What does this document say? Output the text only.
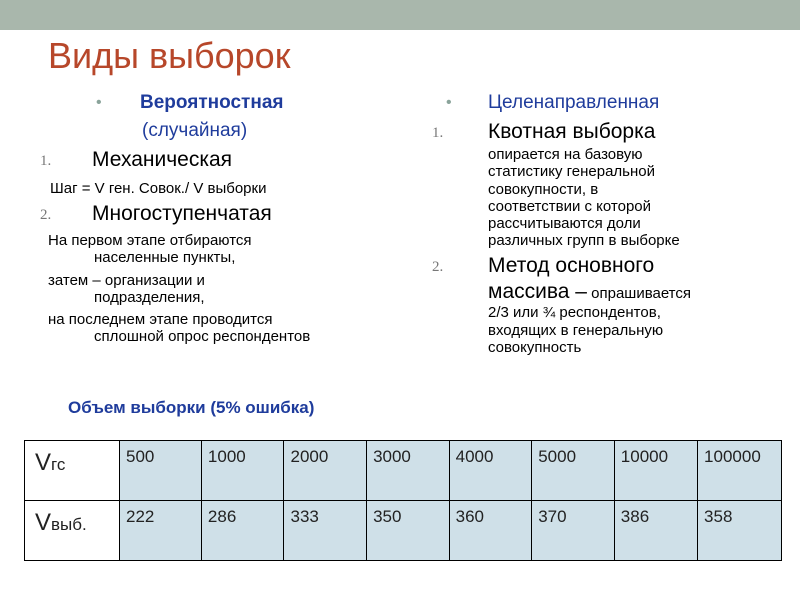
Виды выборок
• Вероятностная
(случайная)
1. Механическая
Шаг = V ген. Совок./ V выборки
2. Многоступенчатая
На первом этапе отбираются
населенные пункты,
затем – организации и
подразделения,
на последнем этапе проводится
сплошной опрос респондентов
• Целенаправленная
1. Квотная выборка
опирается на базовую
статистику генеральной
совокупности, в
соответствии с которой
рассчитываются доли
различных групп в выборке
2. Метод основного
массива – опрашивается
2/3 или ¾ респондентов,
входящих в генеральную
совокупность
Объем выборки (5% ошибка)
Vгс	500	1000	2000	3000	4000	5000	10000	100000
Vвыб.	222	286	333	350	360	370	386	358
